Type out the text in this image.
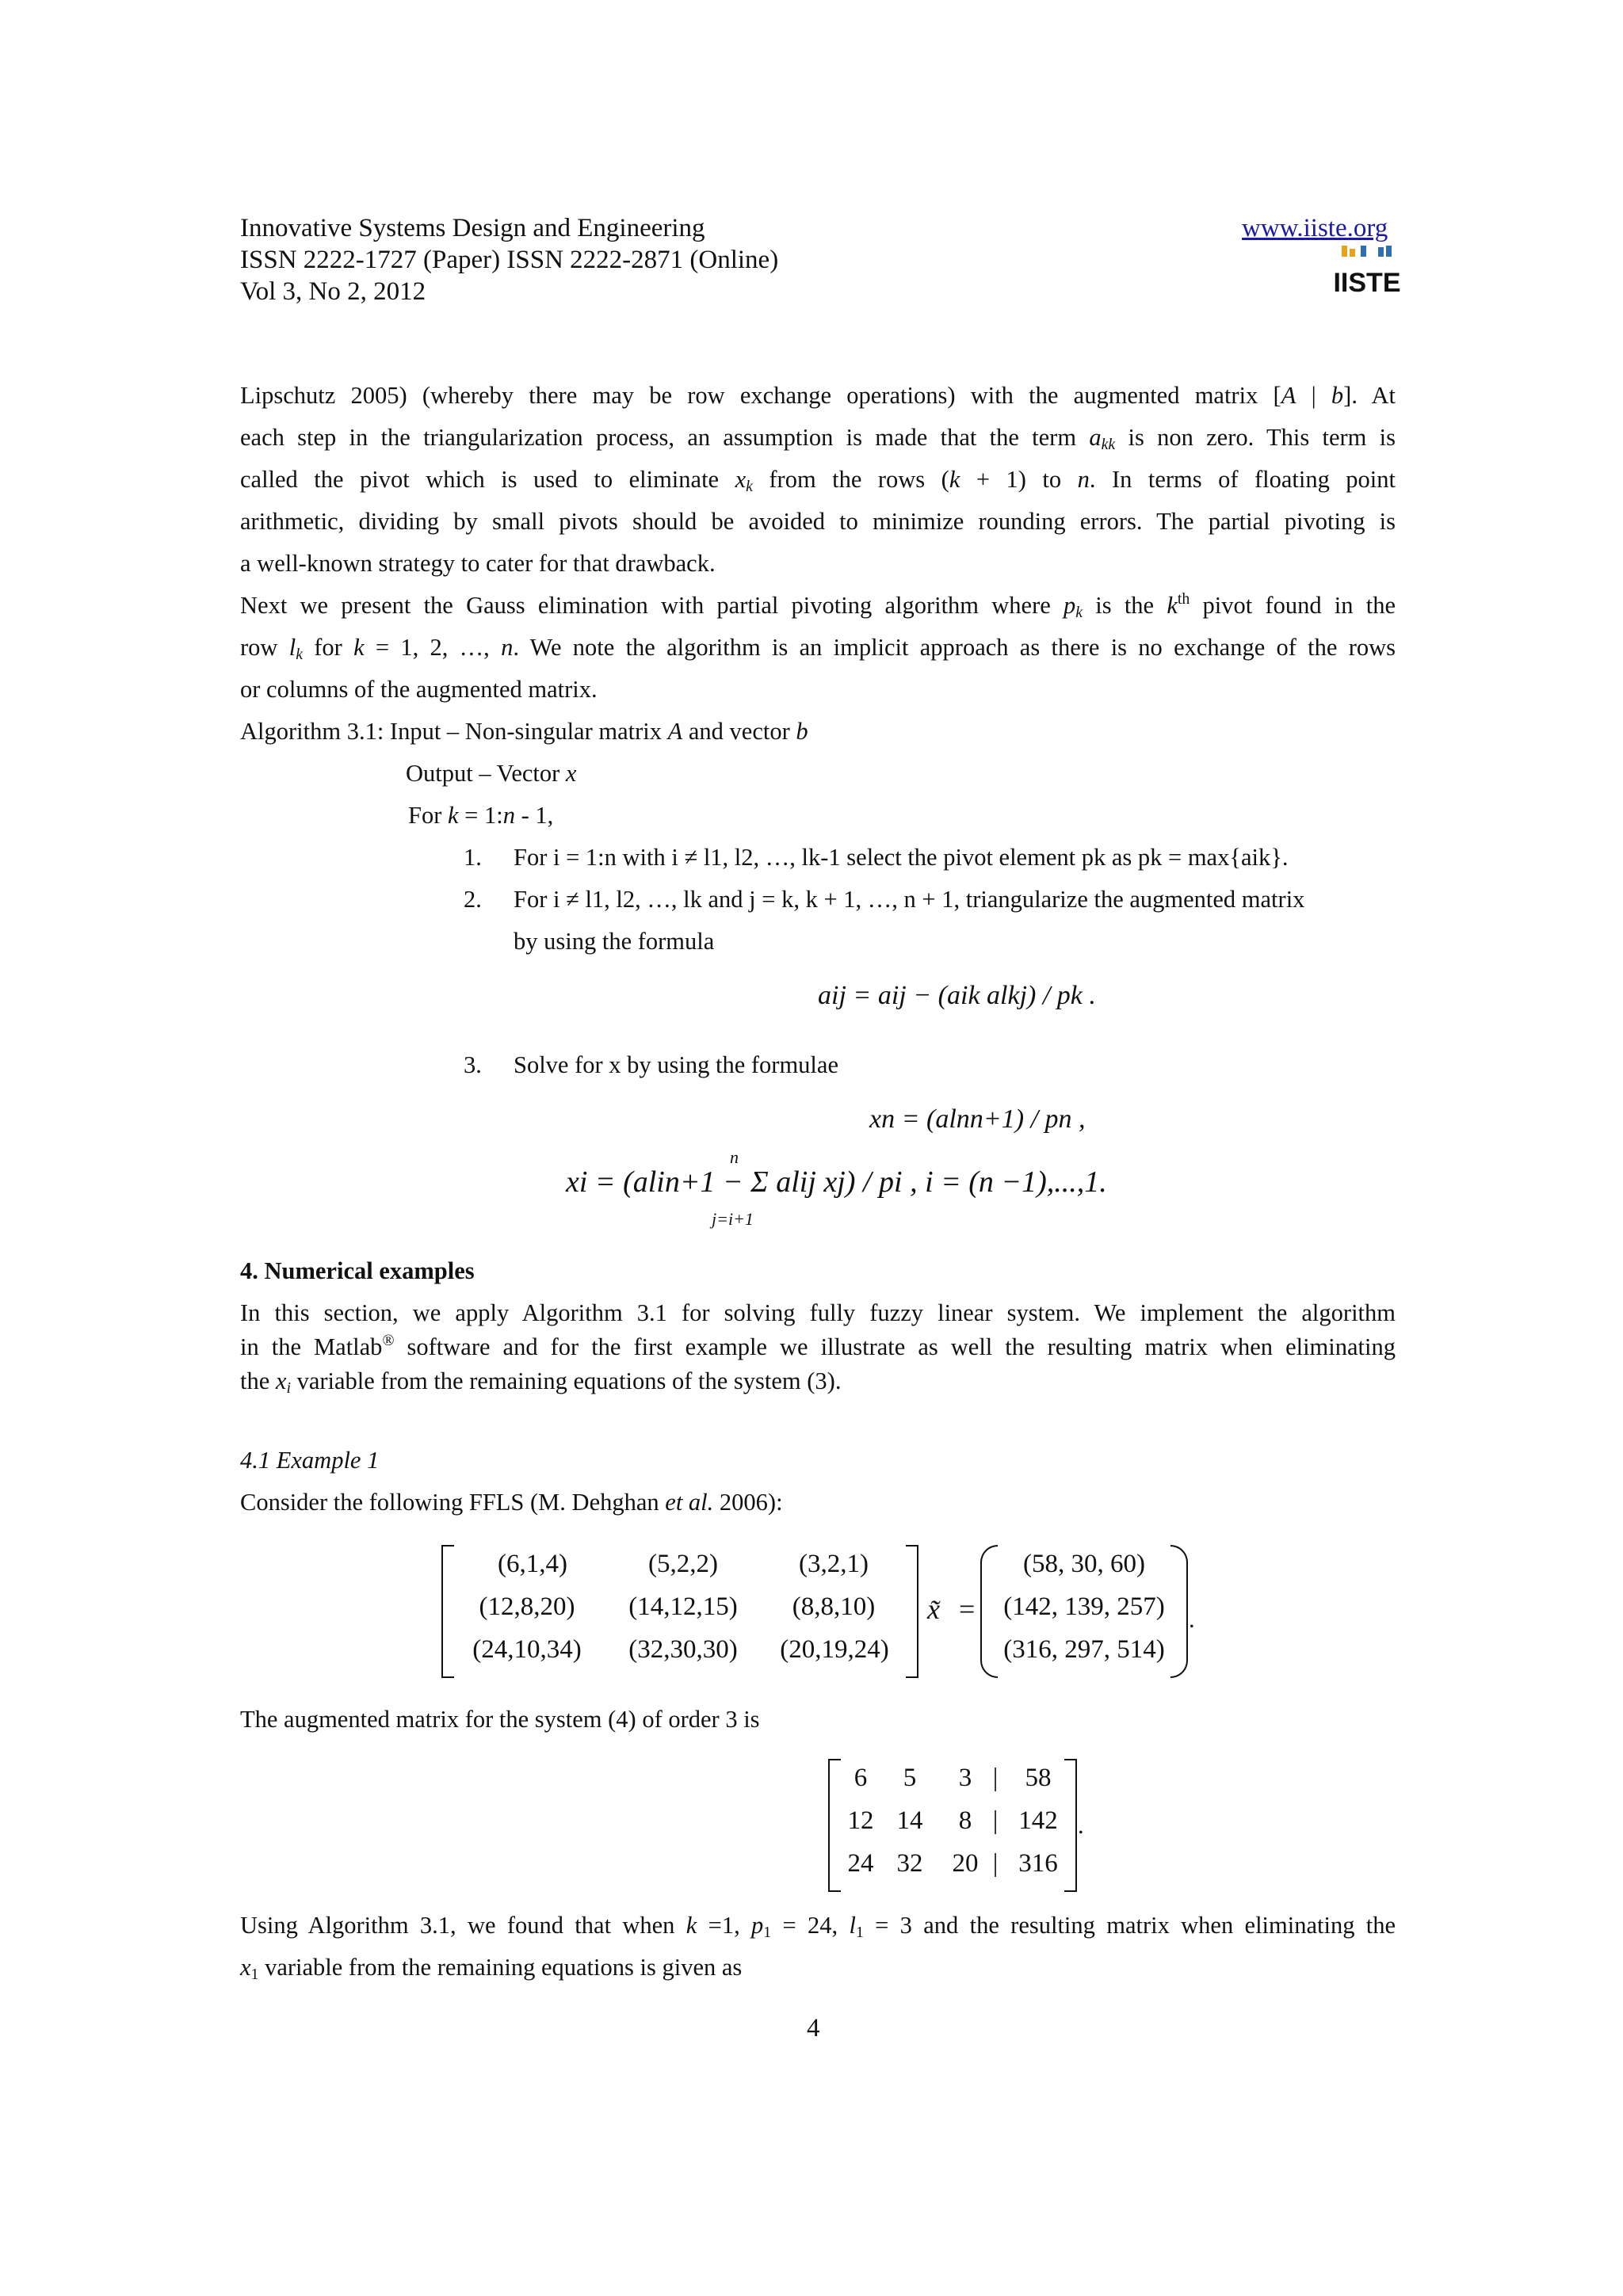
Innovative Systems Design and Engineering
ISSN 2222-1727 (Paper) ISSN 2222-2871 (Online)
Vol 3, No 2, 2012
www.iiste.org
IISTE
Lipschutz 2005) (whereby there may be row exchange operations) with the augmented matrix [A | b]. At
each step in the triangularization process, an assumption is made that the term $a_{kk}$ is non zero. This term is
called the pivot which is used to eliminate $x_k$ from the rows (k + 1) to n. In terms of floating point
arithmetic, dividing by small pivots should be avoided to minimize rounding errors. The partial pivoting is
a well-known strategy to cater for that drawback.
Next we present the Gauss elimination with partial pivoting algorithm where $p_k$ is the $k^{th}$ pivot found in the
row $l_k$ for k = 1, 2, …, n. We note the algorithm is an implicit approach as there is no exchange of the rows
or columns of the augmented matrix.
Algorithm 3.1: Input – Non-singular matrix A and vector b
Output – Vector x
For k = 1:n - 1,
1. For i = 1:n with i ≠ l1, l2, …, lk-1 select the pivot element pk as pk = max{aik}.
2. For i ≠ l1, l2, …, lk and j = k, k + 1, …, n + 1, triangularize the augmented matrix
by using the formula
aij = aij − (aik alkj) / pk .
3. Solve for x by using the formulae
xn = (alnn+1) / pn ,
n
xi = (alin+1 − Σ alij xj) / pi , i = (n −1),...,1.
j=i+1
4. Numerical examples
In this section, we apply Algorithm 3.1 for solving fully fuzzy linear system. We implement the algorithm
in the Matlab® software and for the first example we illustrate as well the resulting matrix when eliminating
the $x_i$ variable from the remaining equations of the system (3).
4.1 Example 1
Consider the following FFLS (M. Dehghan et al. 2006):
(6,1,4)	(5,2,2)	(3,2,1)
(12,8,20)	(14,12,15)	(8,8,10)
(24,10,34)	(32,30,30)	(20,19,24)
x̃ =
(58, 30, 60)
(142, 139, 257)
(316, 297, 514)
.
The augmented matrix for the system (4) of order 3 is
6	5	3 |	58
12 14	8 | 142
24 32 20 | 316
.
Using Algorithm 3.1, we found that when k =1, $p_1 = 24$, $l_1 = 3$ and the resulting matrix when eliminating the
$x_1$ variable from the remaining equations is given as
4
